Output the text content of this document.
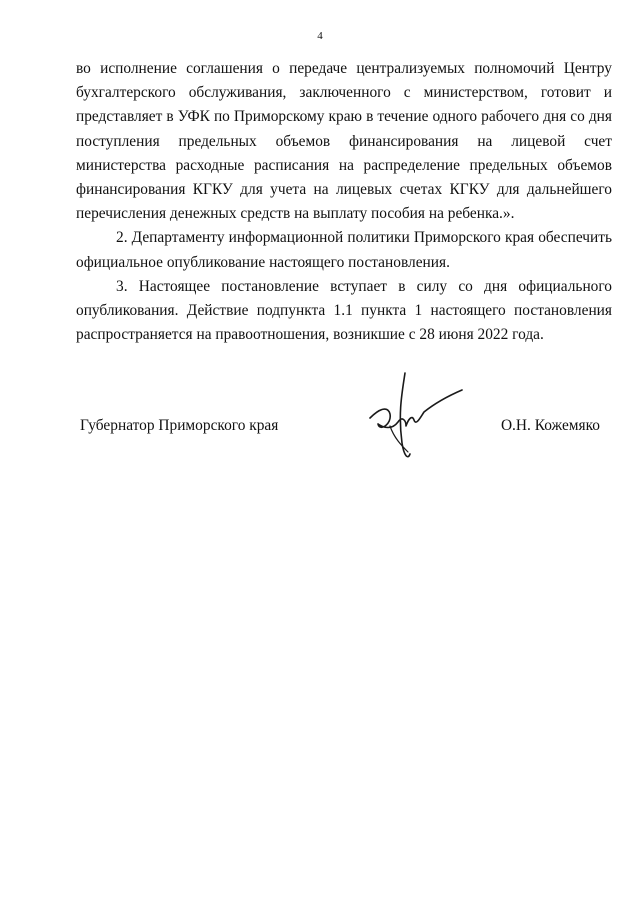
4

во исполнение соглашения о передаче централизуемых полномочий Центру бухгалтерского обслуживания, заключенного с министерством, готовит и представляет в УФК по Приморскому краю в течение одного рабочего дня со дня поступления предельных объемов финансирования на лицевой счет министерства расходные расписания на распределение предельных объемов финансирования КГКУ для учета на лицевых счетах КГКУ для дальнейшего перечисления денежных средств на выплату пособия на ребенка.».

2. Департаменту информационной политики Приморского края обеспечить официальное опубликование настоящего постановления.

3. Настоящее постановление вступает в силу со дня официального опубликования. Действие подпункта 1.1 пункта 1 настоящего постановления распространяется на правоотношения, возникшие с 28 июня 2022 года.

Губернатор Приморского края	О.Н. Кожемяко
